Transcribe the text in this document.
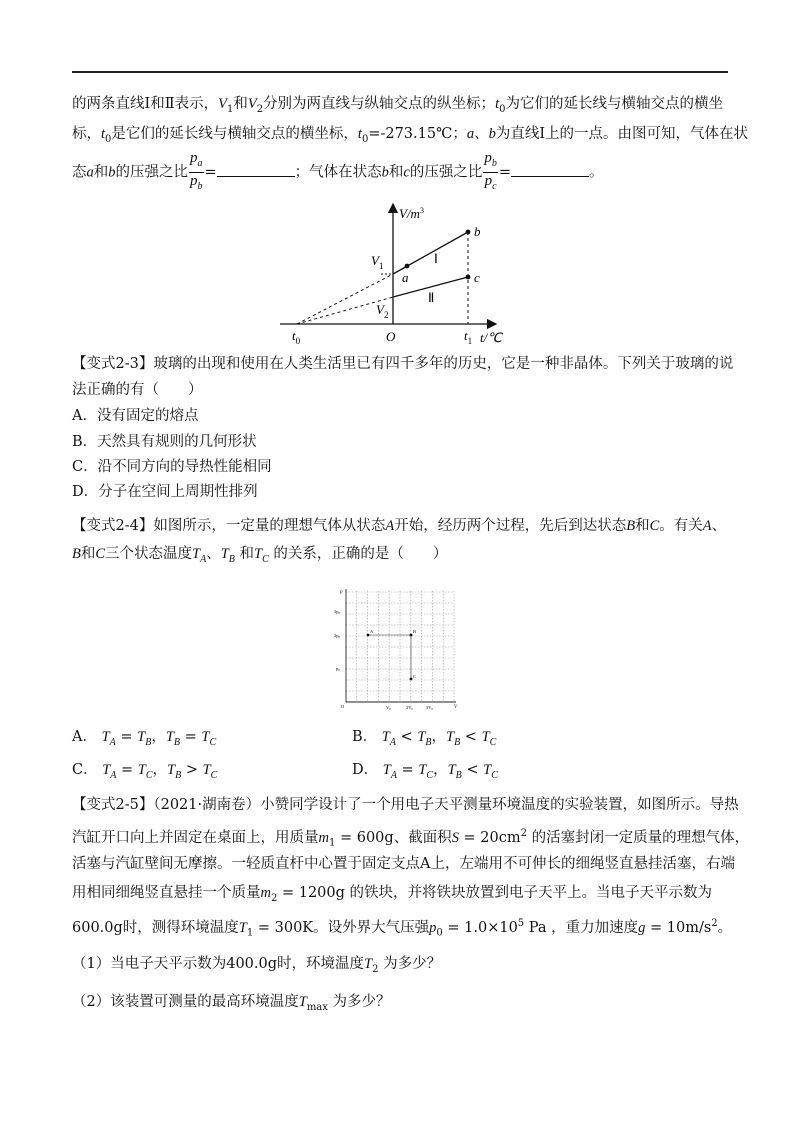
的两条直线Ⅰ和Ⅱ表示，$V_1$和$V_2$分别为两直线与纵轴交点的纵坐标；$t_0$为它们的延长线与横轴交点的横坐
标，$t_0$是它们的延长线与横轴交点的横坐标，$t_0=-273.15℃$；a、b为直线Ⅰ上的一点。由图可知，气体在状
态a和b的压强之比 $\frac{p_a}{p_b}$ =	；气体在状态b和c的压强之比 $\frac{p_b}{p_c}$ =	。
$V/m^3$
t/℃
$V_1$
$V_2$
$t_0$	$t_1$
O
a
b
c
Ⅰ
Ⅱ
【变式2-3】玻璃的出现和使用在人类生活里已有四千多年的历史，它是一种非晶体。下列关于玻璃的说
法正确的有（　　）
A．没有固定的熔点
B．天然具有规则的几何形状
C．沿不同方向的导热性能相同
D．分子在空间上周期性排列
【变式2-4】如图所示，一定量的理想气体从状态A开始，经历两个过程，先后到达状态B和C。有关A、
B和C三个状态温度$T_A$、$T_B$ 和$T_C$ 的关系，正确的是（　　）
p
V
3p₀
2p₀
p₀
V₀	2V₀	3V₀
O
A	B
C
A． $T_A = T_B$，$T_B = T_C$	B． $T_A < T_B$，$T_B < T_C$
C． $T_A = T_C$，$T_B > T_C$	D． $T_A = T_C$，$T_B < T_C$
【变式2-5】（2021·湖南卷）小赞同学设计了一个用电子天平测量环境温度的实验装置，如图所示。导热
汽缸开口向上并固定在桌面上，用质量$m_1 = 600g$、截面积$S = 20cm^2$ 的活塞封闭一定质量的理想气体，
活塞与汽缸壁间无摩擦。一轻质直杆中心置于固定支点A上，左端用不可伸长的细绳竖直悬挂活塞，右端
用相同细绳竖直悬挂一个质量$m_2 = 1200g$ 的铁块，并将铁块放置到电子天平上。当电子天平示数为
600.0g时，测得环境温度$T_1 = 300K$。设外界大气压强$p_0 = 1.0\times 10^5$ Pa ，重力加速度$g = 10m/s^2$。
（1）当电子天平示数为400.0g时，环境温度$T_2$ 为多少？
（2）该装置可测量的最高环境温度$T_{max}$ 为多少？
